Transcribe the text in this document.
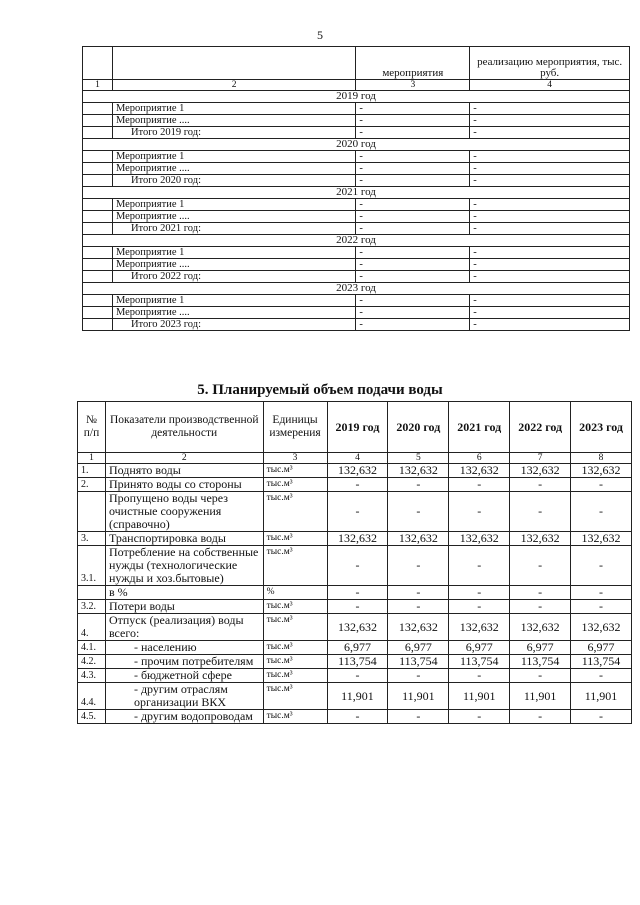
5
		мероприятия	реализацию мероприятия, тыс. руб.
1	2	3	4
2019 год			
	Мероприятие 1	-	-
	Мероприятие ....	-	-
	Итого 2019 год:	-	-
2020 год			
	Мероприятие 1	-	-
	Мероприятие ....	-	-
	Итого 2020 год:	-	-
2021 год			
	Мероприятие 1	-	-
	Мероприятие ....	-	-
	Итого 2021 год:	-	-
2022 год			
	Мероприятие 1	-	-
	Мероприятие ....	-	-
	Итого 2022 год:	-	-
2023 год			
	Мероприятие 1	-	-
	Мероприятие ....	-	-
	Итого 2023 год:	-	-
5. Планируемый объем подачи воды
№ п/п	Показатели производственной деятельности	Единицы измерения	2019 год	2020 год	2021 год	2022 год	2023 год
1	2	3	4	5	6	7	8
1.	Поднято воды	тыс.м³	132,632	132,632	132,632	132,632	132,632
2.	Принято воды со стороны	тыс.м³	-	-	-	-	-
	Пропущено воды через очистные сооружения (справочно)	тыс.м³	-	-	-	-	-
3.	Транспортировка воды	тыс.м³	132,632	132,632	132,632	132,632	132,632
3.1.	Потребление на собственные нужды (технологические нужды и хоз.бытовые)	тыс.м³	-	-	-	-	-
	в %	%	-	-	-	-	-
3.2.	Потери воды	тыс.м³	-	-	-	-	-
4.	Отпуск (реализация) воды всего:	тыс.м³	132,632	132,632	132,632	132,632	132,632
4.1.	- населению	тыс.м³	6,977	6,977	6,977	6,977	6,977
4.2.	- прочим потребителям	тыс.м³	113,754	113,754	113,754	113,754	113,754
4.3.	- бюджетной сфере	тыс.м³	-	-	-	-	-
4.4.	- другим отраслям организации ВКХ	тыс.м³	11,901	11,901	11,901	11,901	11,901
4.5.	- другим водопроводам	тыс.м³	-	-	-	-	-
